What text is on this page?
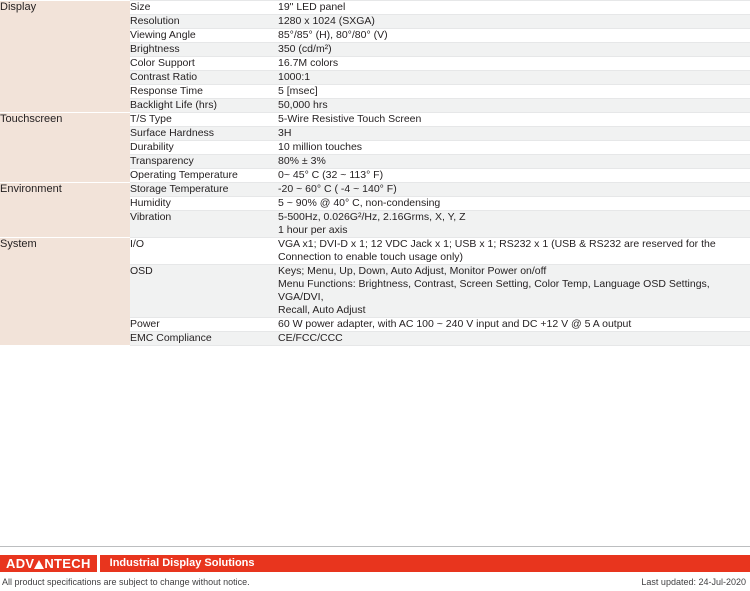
Display	Size	19" LED panel

	Resolution	1280 x 1024 (SXGA)

	Viewing Angle	85°/85° (H), 80°/80° (V)

	Brightness	350 (cd/m²)

	Color Support	16.7M colors

	Contrast Ratio	1000:1

	Response Time	5 [msec]

	Backlight Life (hrs)	50,000 hrs

Touchscreen	T/S Type	5-Wire Resistive Touch Screen

	Surface Hardness	3H

	Durability	10 million touches

	Transparency	80% ± 3%

	Operating Temperature	0~ 45° C (32 ~ 113° F)

Environment	Storage Temperature	-20 ~ 60° C ( -4 ~ 140° F)

	Humidity	5 ~ 90% @ 40° C, non-condensing

	Vibration	5-500Hz, 0.026G²/Hz, 2.16Grms, X, Y, Z
1 hour per axis

System	I/O	VGA x1; DVI-D x 1; 12 VDC Jack x 1; USB x 1; RS232 x 1 (USB & RS232 are reserved for the
Connection to enable touch usage only)

	OSD	Keys; Menu, Up, Down, Auto Adjust, Monitor Power on/off
Menu Functions: Brightness, Contrast, Screen Setting, Color Temp, Language OSD Settings, VGA/DVI,
Recall, Auto Adjust

	Power	60 W power adapter, with AC 100 ~ 240 V input and DC +12 V @ 5 A output

	EMC Compliance	CE/FCC/CCC
ADV NTECH	Industrial Display Solutions
All product specifications are subject to change without notice.	Last updated: 24-Jul-2020
